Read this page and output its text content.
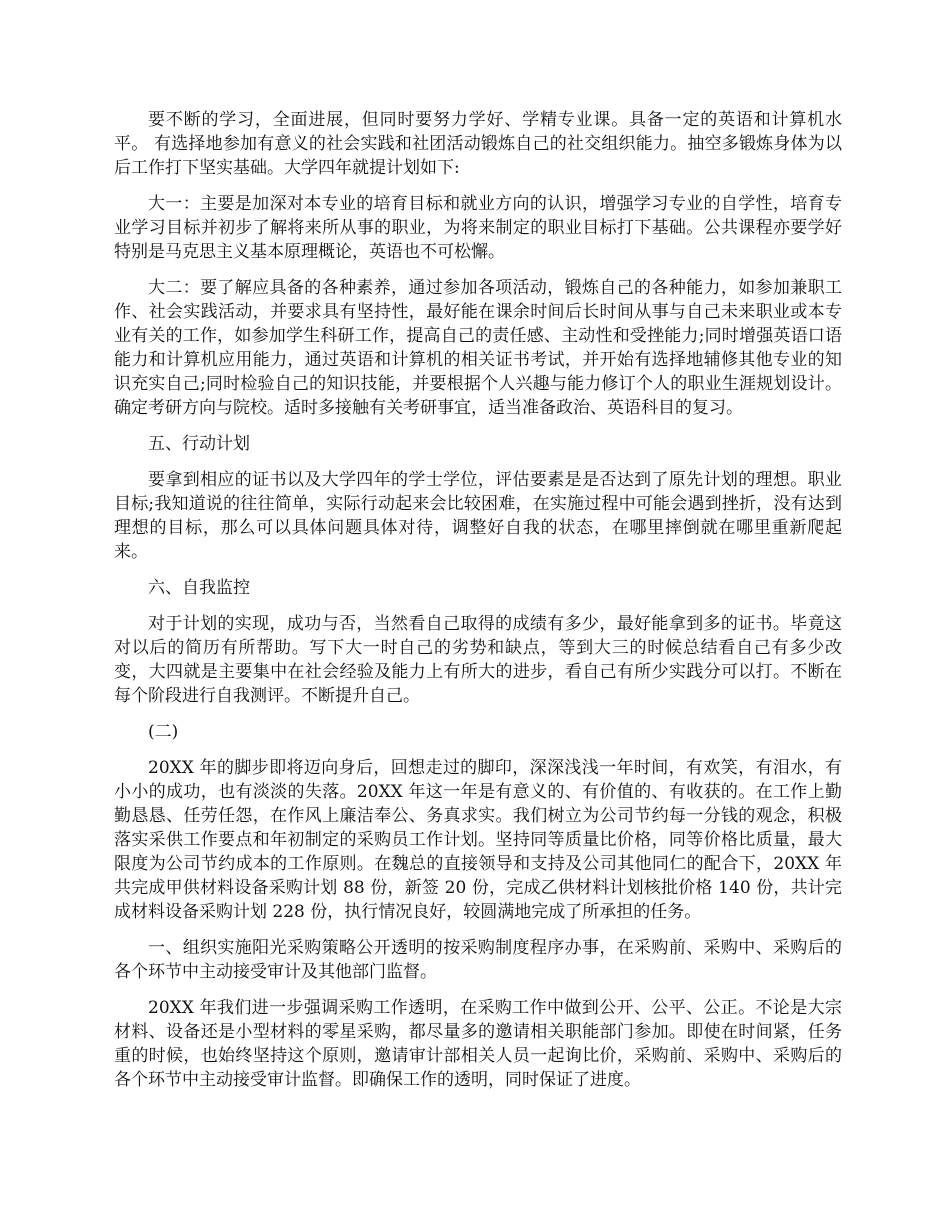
要不断的学习，全面进展，但同时要努力学好、学精专业课。具备一定的英语和计算机水平。 有选择地参加有意义的社会实践和社团活动锻炼自己的社交组织能力。抽空多锻炼身体为以后工作打下坚实基础。大学四年就提计划如下:

大一：主要是加深对本专业的培育目标和就业方向的认识，增强学习专业的自学性，培育专业学习目标并初步了解将来所从事的职业，为将来制定的职业目标打下基础。公共课程亦要学好特别是马克思主义基本原理概论，英语也不可松懈。

大二：要了解应具备的各种素养，通过参加各项活动，锻炼自己的各种能力，如参加兼职工作、社会实践活动，并要求具有坚持性，最好能在课余时间后长时间从事与自己未来职业或本专业有关的工作，如参加学生科研工作，提高自己的责任感、主动性和受挫能力;同时增强英语口语能力和计算机应用能力，通过英语和计算机的相关证书考试，并开始有选择地辅修其他专业的知识充实自己;同时检验自己的知识技能，并要根据个人兴趣与能力修订个人的职业生涯规划设计。确定考研方向与院校。适时多接触有关考研事宜，适当准备政治、英语科目的复习。

五、行动计划

要拿到相应的证书以及大学四年的学士学位，评估要素是是否达到了原先计划的理想。职业目标;我知道说的往往简单，实际行动起来会比较困难，在实施过程中可能会遇到挫折，没有达到理想的目标，那么可以具体问题具体对待，调整好自我的状态，在哪里摔倒就在哪里重新爬起来。

六、自我监控

对于计划的实现，成功与否，当然看自己取得的成绩有多少，最好能拿到多的证书。毕竟这对以后的简历有所帮助。写下大一时自己的劣势和缺点，等到大三的时候总结看自己有多少改变，大四就是主要集中在社会经验及能力上有所大的进步，看自己有所少实践分可以打。不断在每个阶段进行自我测评。不断提升自己。

(二)

20XX 年的脚步即将迈向身后，回想走过的脚印，深深浅浅一年时间，有欢笑，有泪水，有小小的成功，也有淡淡的失落。20XX 年这一年是有意义的、有价值的、有收获的。在工作上勤勤恳恳、任劳任怨，在作风上廉洁奉公、务真求实。我们树立为公司节约每一分钱的观念，积极落实采供工作要点和年初制定的采购员工作计划。坚持同等质量比价格，同等价格比质量，最大限度为公司节约成本的工作原则。在魏总的直接领导和支持及公司其他同仁的配合下，20XX 年共完成甲供材料设备采购计划 88 份，新签 20 份，完成乙供材料计划核批价格 140 份，共计完成材料设备采购计划 228 份，执行情况良好，较圆满地完成了所承担的任务。

一、组织实施阳光采购策略公开透明的按采购制度程序办事，在采购前、采购中、采购后的各个环节中主动接受审计及其他部门监督。

20XX 年我们进一步强调采购工作透明，在采购工作中做到公开、公平、公正。不论是大宗材料、设备还是小型材料的零星采购，都尽量多的邀请相关职能部门参加。即使在时间紧，任务重的时候，也始终坚持这个原则，邀请审计部相关人员一起询比价，采购前、采购中、采购后的各个环节中主动接受审计监督。即确保工作的透明，同时保证了进度。
